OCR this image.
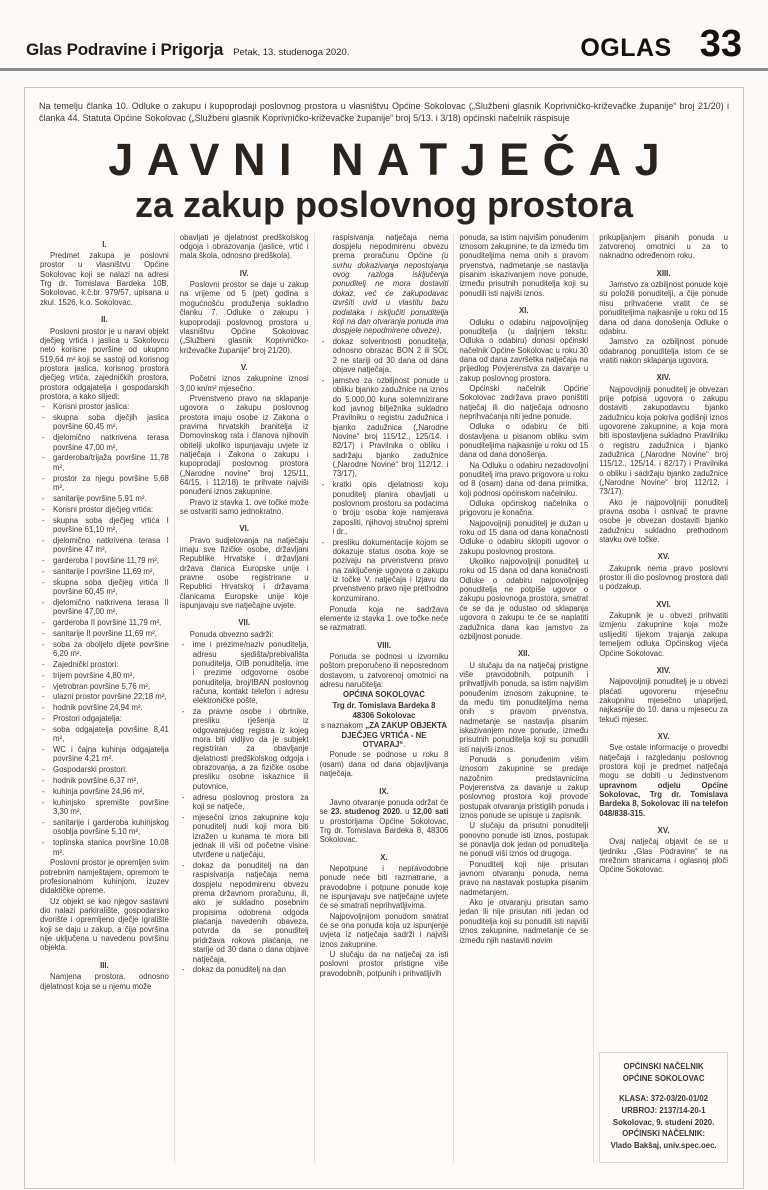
Glas Podravine i Prigorja Petak, 13. studenoga 2020.	OGLAS 33
Na temelju članka 10. Odluke o zakupu i kupoprodaji poslovnog prostora u vlasništvu Općine Sokolovac („Službeni glasnik Koprivničko-križevačke županije“ broj 21/20) i članka 44. Statuta Općine Sokolovac („Službeni glasnik Koprivničko-križevačke županije“ broj 5/13. i 3/18) općinski načelnik raspisuje
JAVNI NATJEČAJ
za zakup poslovnog prostora
I.

Predmet zakupa je poslovni prostor u vlasništvu Općine Sokolovac koji se nalazi na adresi Trg dr. Tomislava Bardeka 10B, Sokolovac, k.č.br. 979/57, upisana u zkul. 1526, k.o. Sokolovac.

II.

Poslovni prostor je u naravi objekt dječjeg vrtića i jaslica u Sokolovcu neto korisne površine od ukupno 519,64 m² koji se sastoji od korisnog prostora jaslica, korisnog prostora dječjeg vrtića, zajedničkih prostora, prostora odgajatelja i gospodarskih prostora, a kako slijedi:

-	Korisni prostor jaslica:
-	skupna soba dječjih jaslica površine 60,45 m²,
-	djelomično natkrivena terasa površine 47,00 m²,
-	garderoba/trijaža površine 11,78 m²,
-	prostor za njegu površine 5,68 m²,
-	sanitarije površine 5,91 m².
-	Korisni prostor dječjeg vrtića:
-	skupna soba dječjeg vrtića I površine 61,10 m²,
-	djelomično natkrivena terasa I površine 47 m²,
-	garderoba I površine 11,79 m²,
-	sanitarije I površine 11,69 m²,
-	skupna soba dječjeg vrtića II površine 60,45 m²,
-	djelomično natkrivena terasa II površine 47,00 m²,
-	garderoba II površine 11,79 m²,
-	sanitarije II površine 11,69 m²,
-	soba za oboljelo dijete površine 6,20 m².
-	Zajednički prostori:
-	trijem površine 4,80 m²,
-	vjetrobran površine 5,76 m²,
-	ulazni prostor površine 22,18 m²,
-	hodnik površine 24,94 m².
-	Prostori odgajatelja:
-	soba odgajatelja površine 8,41 m²,
-	WC i čajna kuhinja odgajatelja površine 4,21 m².
-	Gospodarski prostori:
-	hodnik površine 6,37 m²,
-	kuhinja površine 24,96 m²,
-	kuhinjsko spremište površine 3,30 m²,
-	sanitarije i garderoba kuhinjskog osoblja površine 5,10 m²,
-	toplinska stanica površine 10,08 m².

Poslovni prostor je opremljen svim potrebnim namještajem, opremom te profesionalnom kuhinjom, izuzev didaktičke opreme.

Uz objekt se kao njegov sastavni dio nalazi parkiralište, gospodarsko dvorište i opremljeno dječje igralište koji se daju u zakup, a čija površina nije uključena u navedenu površinu objekta.

III.

Namjena prostora, odnosno djelatnost koja se u njemu može

obavljati je djelatnost predškolskog odgoja i obrazovanja (jaslice, vrtić i mala škola, odnosno predškola).

IV.

Poslovni prostor se daje u zakup na vrijeme od 5 (pet) godina s mogućnošću produženja sukladno članku 7. Odluke o zakupu i kupoprodaji poslovnog prostora u vlasništvu Općine Sokolovac („Službeni glasnik Koprivničko-križevačke županije“ broj 21/20).

V.

Početni iznos zakupnine iznosi 3,00 kn/m² mjesečno.

Prvenstveno pravo na sklapanje ugovora o zakupu poslovnog prostora imaju osobe iz Zakona o pravima hrvatskih branitelja iz Domovinskog rata i članova njihovih obitelji ukoliko ispunjavaju uvjete iz natječaja i Zakona o zakupu i kupoprodaji poslovnog prostora („Narodne novine“ broj 125/11, 64/15. i 112/18) te prihvate najviši ponuđeni iznos zakupnine.

Pravo iz stavka 1. ove točke može se ostvariti samo jednokratno.

VI.

Pravo sudjelovanja na natječaju imaju sve fizičke osobe, državljani Republike Hrvatske i državljani država članica Europske unije i pravne osobe registrirane u Republici Hrvatskoj i državama članicama Europske unije koje ispunjavaju sve natječajne uvjete.

VII.

Ponuda obvezno sadrži:

-	ime i prezime/naziv ponuditelja, adresu sjedišta/prebivališta ponuditelja, OIB ponuditelja, ime i prezime odgovorne osobe ponuditelja, broj/IBAN poslovnog računa, kontakt telefon i adresu elektroničke pošte,
-	za pravne osobe i obrtnike, presliku rješenja iz odgovarajućeg registra iz kojeg mora biti vidljivo da je subjekt registriran za obavljanje djelatnosti predškolskog odgoja i obrazovanja, a za fizičke osobe presliku osobne iskaznice ili putovnice,
-	adresu poslovnog prostora za koji se natječe,
-	mjesečni iznos zakupnine koju ponuditelj nudi koji mora biti izražen u kunama te mora biti jednak ili viši od početne visine utvrđene u natječaju,
-	dokaz da ponuditelj na dan raspisivanja natječaja nema dospjelu nepodmirenu obvezu prema državnom proračunu, ili, ako je sukladno posebnim propisima odobrena odgoda plaćanja navedenih obaveza, potvrda da se ponuditelj pridržava rokova plaćanja, ne starije od 30 dana o dana objave natječaja,
-	dokaz da ponuditelj na dan
raspisivanja natječaja nema dospjelu nepodmirenu obvezu prema proračunu Općine (u svrhu dokazivanja nepostojanja ovog razloga isključenja ponuditelj ne mora dostaviti dokaz, već će zakupodavac izvršiti uvid u vlastitu bazu podataka i isključiti ponuditelja koji na dan otvaranja ponuda ima dospjele nepodmirene obveze),
-	dokaz solventnosti ponuditelja, odnosno obrazac BON 2 ili SOL 2 ne stariji od 30 dana od dana objave natječaja,
-	jamstvo za ozbiljnost ponude u obliku bjanko zadužnice na iznos do 5.000,00 kuna solemnizirane kod javnog bilježnika sukladno Pravilniku o registru zadužnica i bjanko zadužnica („Narodne Novine“ broj 115/12., 125/14. i 82/17) i Pravilnika o obliku i sadržaju bjanko zadužnice („Narodne Novine“ broj 112/12. i 73/17),
-	kratki opis djelatnosti koju ponuditelj planira obavljati u poslovnom prostoru sa podacima o broju osoba koje namjerava zaposliti, njihovoj stručnoj spremi i dr.,
-	presliku dokumentacije kojom se dokazuje status osoba koje se pozivaju na prvenstveno pravo na zaključenje ugovora o zakupu iz točke V. natječaja i Izjavu da prvenstveno pravo nije prethodno konzumirano.

Ponuda koja ne sadržava elemente iz stavka 1. ove točke neće se razmatrati.

VIII.

Ponuda se podnosi u izvorniku poštom preporučeno ili neposrednom dostavom, u zatvorenoj omotnici na adresu naručitelja:

OPĆINA SOKOLOVAC
Trg dr. Tomislava Bardeka 8
48306 Sokolovac
s naznakom „ZA ZAKUP OBJEKTA DJEČJEG VRTIĆA - NE OTVARAJ“.

Ponude se podnose u roku 8 (osam) dana od dana objavljivanja natječaja.

IX.

Javno otvaranje ponuda održat će se 23. studenog 2020. u 12,00 sati u prostorijama Općine Sokolovac, Trg dr. Tomislava Bardeka 8, 48306 Sokolovac.

X.

Nepotpune i nepravodobne ponude neće biti razmatrane, a pravodobne i potpune ponude koje ne ispunjavaju sve natječajne uvjete će se smatrati neprihvatljivima.

Najpovoljnijom ponudom smatrat će se ona ponuda koja uz ispunjenje uvjeta iz natječaja sadrži i najviši iznos zakupnine.

U slučaju da na natječaj za isti poslovni prostor pristigne više pravodobnih, potpunih i prihvatljivih

ponuda, sa istim najvišim ponuđenim iznosom zakupnine, te da između tim ponuditeljima nema onih s pravom prvenstva, nadmetanje se nastavlja pisanim iskazivanjem nove ponude, između prisutnih ponuditelja koji su ponudili isti najviši iznos.

XI.

Odluku o odabiru najpovoljnijeg ponuditelja (u daljnjem tekstu: Odluka o odabiru) donosi općinski načelnik Općine Sokolovac u roku 30 dana od dana završetka natječaja na prijedlog Povjerenstva za davanje u zakup poslovnog prostora.

Općinski načelnik Općine Sokolovac zadržava pravo poništiti natječaj ili dio natječaja odnosno neprihvaćanja niti jedne ponude.

Odluka o odabiru će biti dostavljena u pisanom obliku svim ponuditeljima najkasnije u roku od 15 dana od dana donošenja.

Na Odluku o odabiru nezadovoljni ponuditelj ima pravo prigovora u roku od 8 (osam) dana od dana primitka, koji podnosi općinskom načelniku.

Odluka općinskog načelnika o prigovoru je konačna.

Najpovoljniji ponuditelj je dužan u roku od 15 dana od dana konačnosti Odluke o odabiru sklopiti ugovor o zakupu poslovnog prostora.

Ukoliko najpovoljniji ponuditelj u roku od 15 dana od dana konačnosti Odluke o odabiru najpovoljnijeg ponuditelja ne potpiše ugovor o zakupu poslovnoga prostora, smatrat će se da je odustao od sklapanja ugovora o zakupu te će se naplatiti zadužnica dana kao jamstvo za ozbiljnost ponude.

XII.

U slučaju da na natječaj pristigne više pravodobnih, potpunih i prihvatljivih ponuda, sa istim najvišim ponuđenim iznosom zakupnine, te da među tim ponuditeljima nema onih s pravom prvenstva, nadmetanje se nastavlja pisanim iskazivanjem nove ponude, između prisutnih ponuditelja koji su ponudili isti najviši iznos.

Ponuda s ponuđenim višim iznosom zakupnine se predaje nazočnim predstavnicima Povjerenstva za davanje u zakup poslovnog prostora koji provode postupak otvaranja pristiglih ponuda i iznos ponude se upisuje u zapisnik.

U slučaju da prisutni ponuditelji ponovno ponude isti iznos, postupak se ponavlja dok jedan od ponuditelja ne ponudi viši iznos od drugoga.

Ponuditelj koji nije prisutan javnom otvaranju ponuda, nema pravo na nastavak postupka pisanim nadmetanjem.

Ako je otvaranju prisutan samo jedan ili nije prisutan niti jedan od ponuditelja koji su ponudili isti najviši iznos zakupnine, nadmetanje će se između njih nastaviti novim

prikupljanjem pisanih ponuda u zatvorenoj omotnici u za to naknadno određenom roku.

XIII.

Jamstvo za ozbiljnost ponude koje su položili ponuditelji, a čije ponude nisu prihvaćene vratit će se ponuditeljima najkasnije u roku od 15 dana od dana donošenja Odluke o odabiru.

Jamstvo za ozbiljnost ponude odabranog ponuditelja istom će se vratiti nakon sklapanja ugovora.

XIV.

Najpovoljniji ponuditelj je obvezan prije potpisa ugovora o zakupu dostaviti zakupodavcu bjanko zadužnicu koja pokriva godišnji iznos ugovorene zakupnine, a koja mora biti ispostavljena sukladno Pravilniku o registru zadužnica i bjanko zadužnica („Narodne Novine“ broj 115/12., 125/14. i 82/17) i Pravilnika o obliku i sadržaju bjanko zadužnice („Narodne Novine“ broj 112/12. i 73/17).

Ako je najpovoljniji ponuditelj pravna osoba i osnivač te pravne osobe je obvezan dostaviti bjanko zadužnicu sukladno prethodnom stavku ove točke.

XV.

Zakupnik nema pravo poslovni prostor ili dio poslovnog prostora dati u podzakup.

XVI.

Zakupnik je u obvezi prihvatiti izmjenu zakupnine koja može uslijediti tijekom trajanja zakupa temeljem odluka Općinskog vijeća Općine Sokolovac.

XIV.

Najpovoljniji ponuditelj je u obvezi plaćati ugovorenu mjesečnu zakupninu mjesečno unaprijed, najkasnije do 10. dana u mjesecu za tekući mjesec.

XV.

Sve ostale informacije o provedbi natječaja i razgledanju poslovnog prostora koji je predmet natječaja mogu se dobiti u Jedinstvenom upravnom odjelu Općine Sokolovac, Trg dr. Tomislava Bardeka 8, Sokolovac ili na telefon 048/838-315.

XV.

Ovaj natječaj objavit će se u tjedniku „Glas Podravine“ te na mrežnim stranicama i oglasnoj ploči Općine Sokolovac.

OPĆINSKI NAČELNIK
OPĆINE SOKOLOVAC
KLASA: 372-03/20-01/02
URBROJ: 2137/14-20-1
Sokolovac, 9. studeni 2020.
OPĆINSKI NAČELNIK:
Vlado Bakšaj, univ.spec.oec.
